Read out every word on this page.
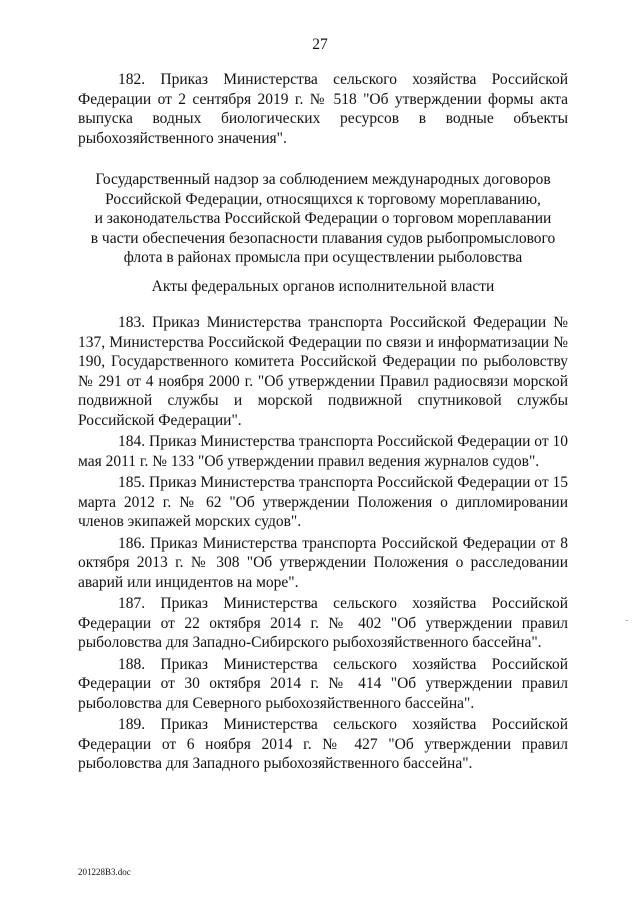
27

182. Приказ Министерства сельского хозяйства Российской Федерации от 2 сентября 2019 г. № 518 "Об утверждении формы акта выпуска водных биологических ресурсов в водные объекты рыбохозяйственного значения".

Государственный надзор за соблюдением международных договоров
Российской Федерации, относящихся к торговому мореплаванию,
и законодательства Российской Федерации о торговом мореплавании
в части обеспечения безопасности плавания судов рыбопромыслового
флота в районах промысла при осуществлении рыболовства
Акты федеральных органов исполнительной власти

183. Приказ Министерства транспорта Российской Федерации № 137, Министерства Российской Федерации по связи и информатизации № 190, Государственного комитета Российской Федерации по рыболовству № 291 от 4 ноября 2000 г. "Об утверждении Правил радиосвязи морской подвижной службы и морской подвижной спутниковой службы Российской Федерации".

184. Приказ Министерства транспорта Российской Федерации от 10 мая 2011 г. № 133 "Об утверждении правил ведения журналов судов".

185. Приказ Министерства транспорта Российской Федерации от 15 марта 2012 г. № 62 "Об утверждении Положения о дипломировании членов экипажей морских судов".

186. Приказ Министерства транспорта Российской Федерации от 8 октября 2013 г. № 308 "Об утверждении Положения о расследовании аварий или инцидентов на море".

187. Приказ Министерства сельского хозяйства Российской Федерации от 22 октября 2014 г. № 402 "Об утверждении правил рыболовства для Западно-Сибирского рыбохозяйственного бассейна".

188. Приказ Министерства сельского хозяйства Российской Федерации от 30 октября 2014 г. № 414 "Об утверждении правил рыболовства для Северного рыбохозяйственного бассейна".

189. Приказ Министерства сельского хозяйства Российской Федерации от 6 ноября 2014 г. № 427 "Об утверждении правил рыболовства для Западного рыбохозяйственного бассейна".

-
201228В3.doc
